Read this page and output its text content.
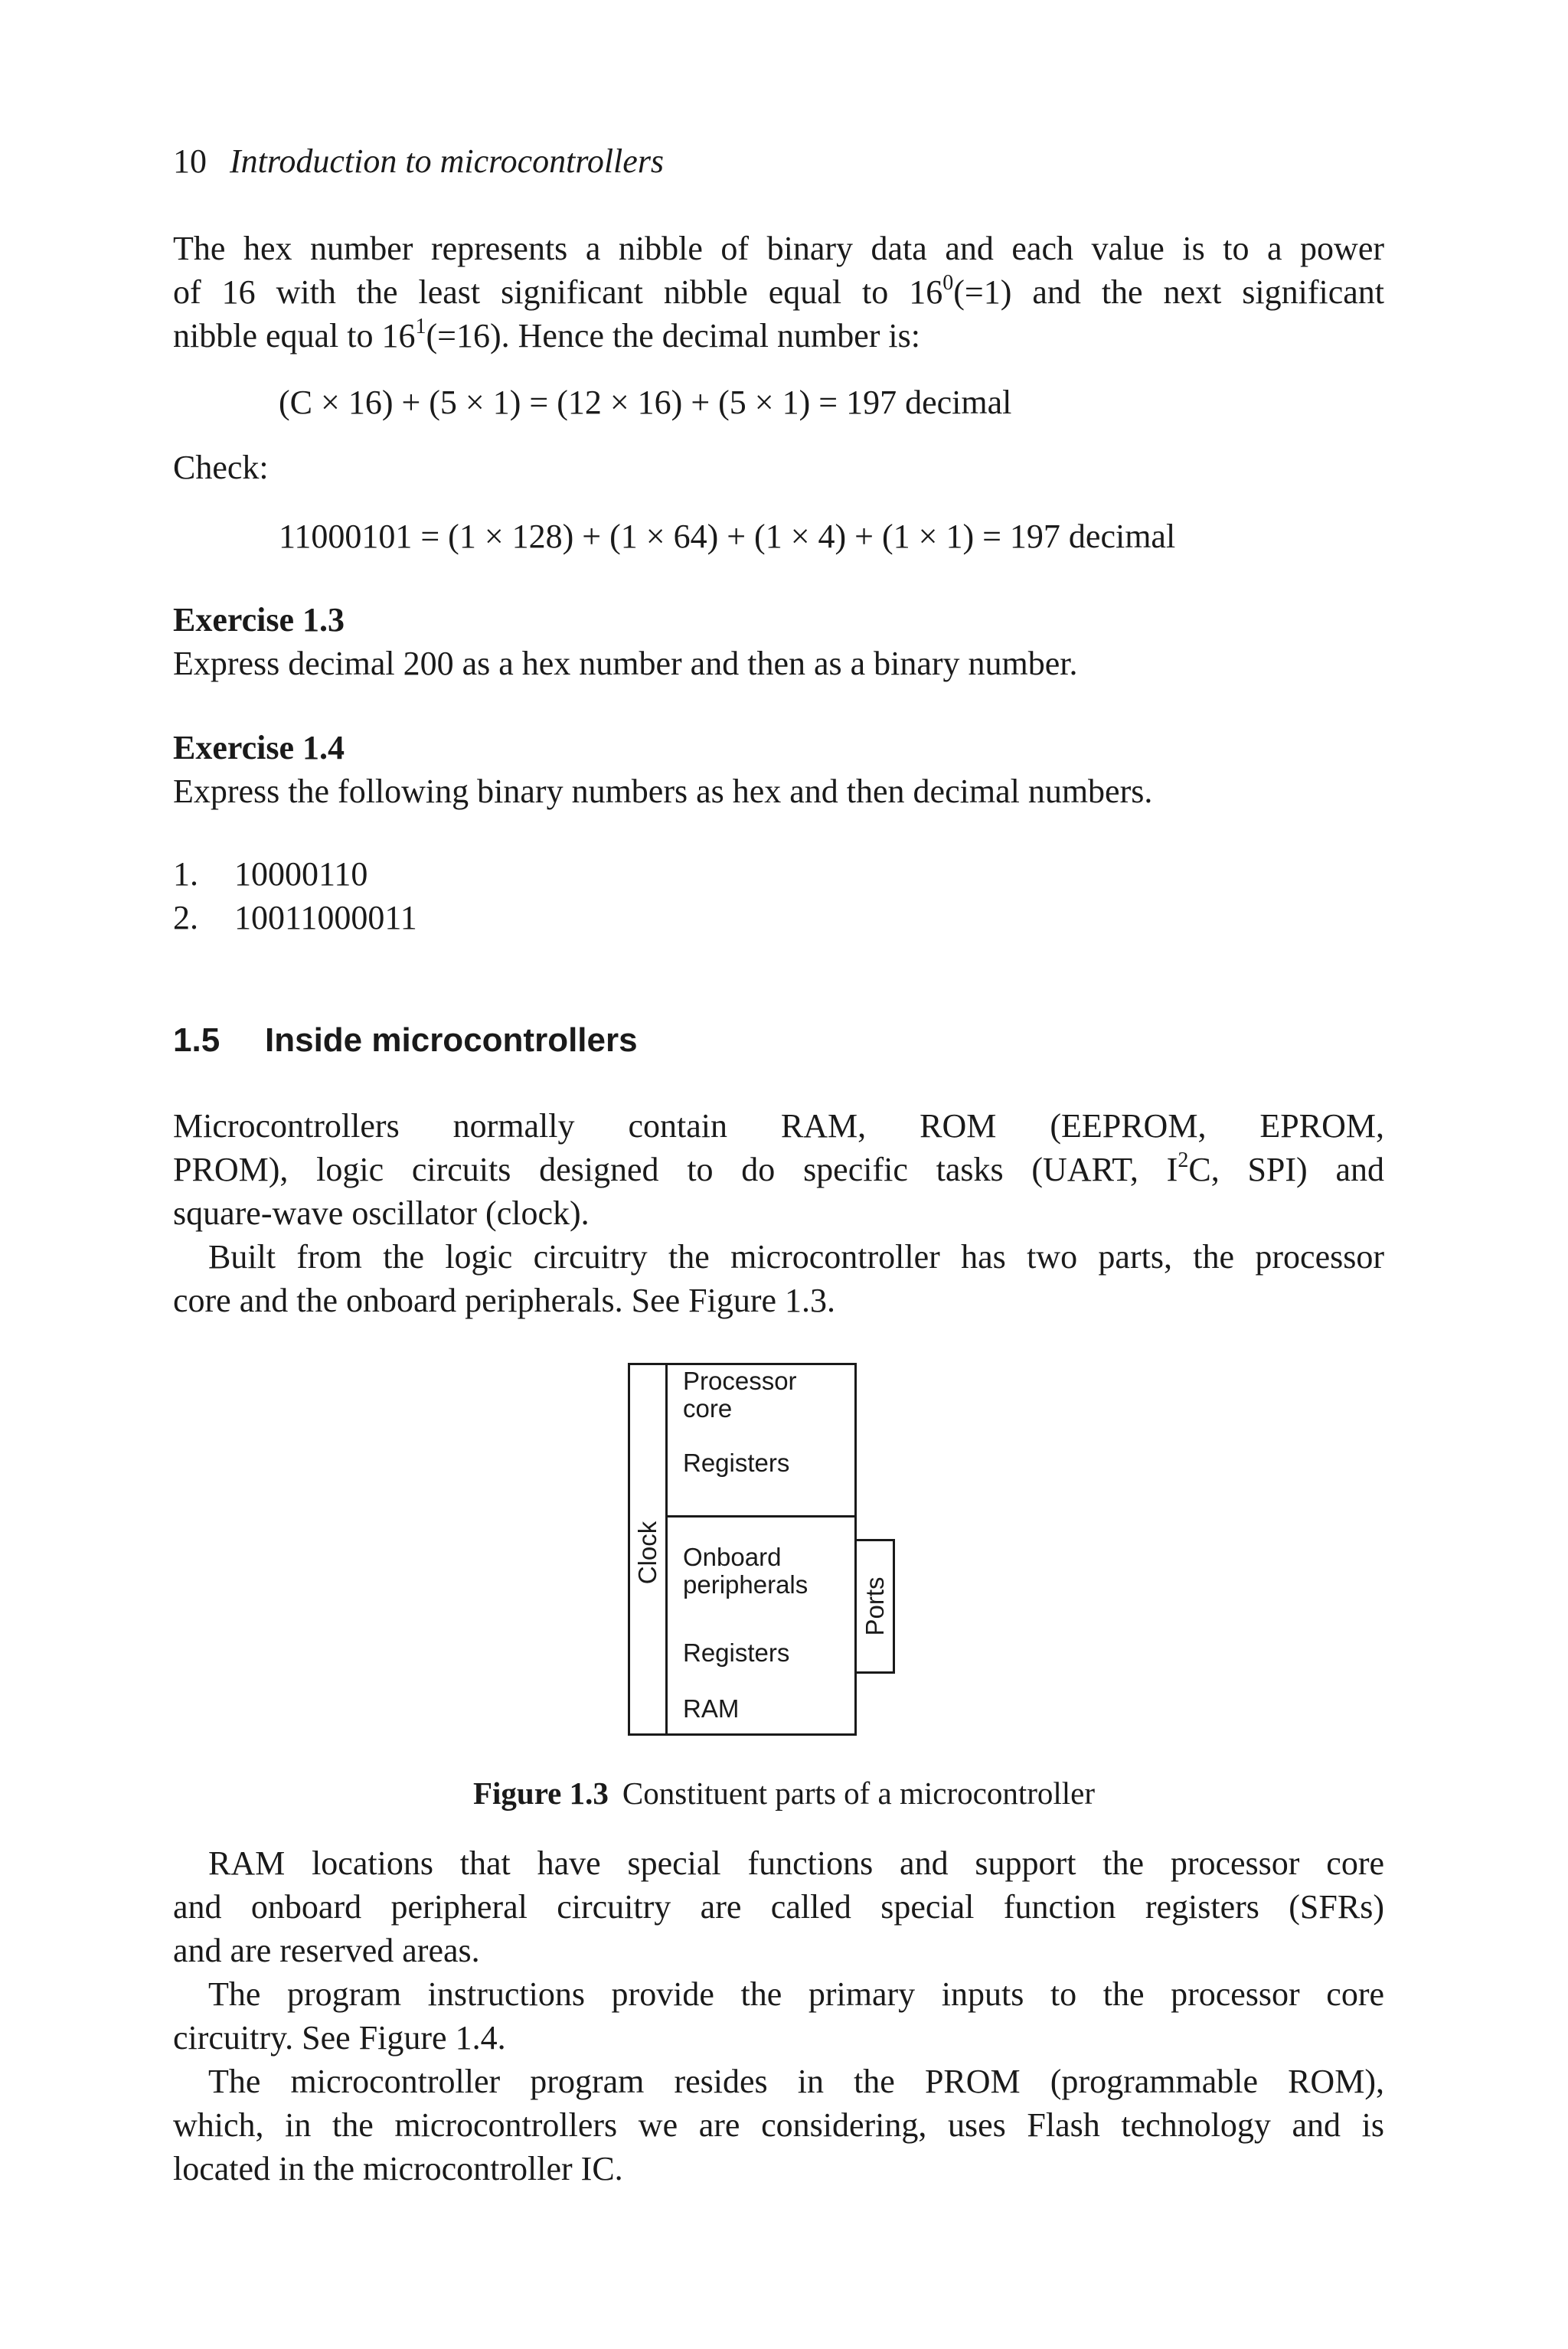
10 Introduction to microcontrollers
The hex number represents a nibble of binary data and each value is to a power
of 16 with the least significant nibble equal to $16^0(=1)$ and the next significant
nibble equal to $16^1(=16)$. Hence the decimal number is:
(C × 16) + (5 × 1) = (12 × 16) + (5 × 1) = 197 decimal
Check:
11000101 = (1 × 128) + (1 × 64) + (1 × 4) + (1 × 1) = 197 decimal
Exercise 1.3
Express decimal 200 as a hex number and then as a binary number.
Exercise 1.4
Express the following binary numbers as hex and then decimal numbers.
1. 10000110
2. 10011000011
1.5 Inside microcontrollers
Microcontrollers normally contain RAM, ROM (EEPROM, EPROM,
PROM), logic circuits designed to do specific tasks (UART, $I^2C$, SPI) and
square-wave oscillator (clock).
Built from the logic circuitry the microcontroller has two parts, the processor
core and the onboard peripherals. See Figure 1.3.
Clock
Processor
core
Registers
Onboard
peripherals
Registers
RAM
Ports
Figure 1.3 Constituent parts of a microcontroller
RAM locations that have special functions and support the processor core
and onboard peripheral circuitry are called special function registers (SFRs)
and are reserved areas.
The program instructions provide the primary inputs to the processor core
circuitry. See Figure 1.4.
The microcontroller program resides in the PROM (programmable ROM),
which, in the microcontrollers we are considering, uses Flash technology and is
located in the microcontroller IC.
